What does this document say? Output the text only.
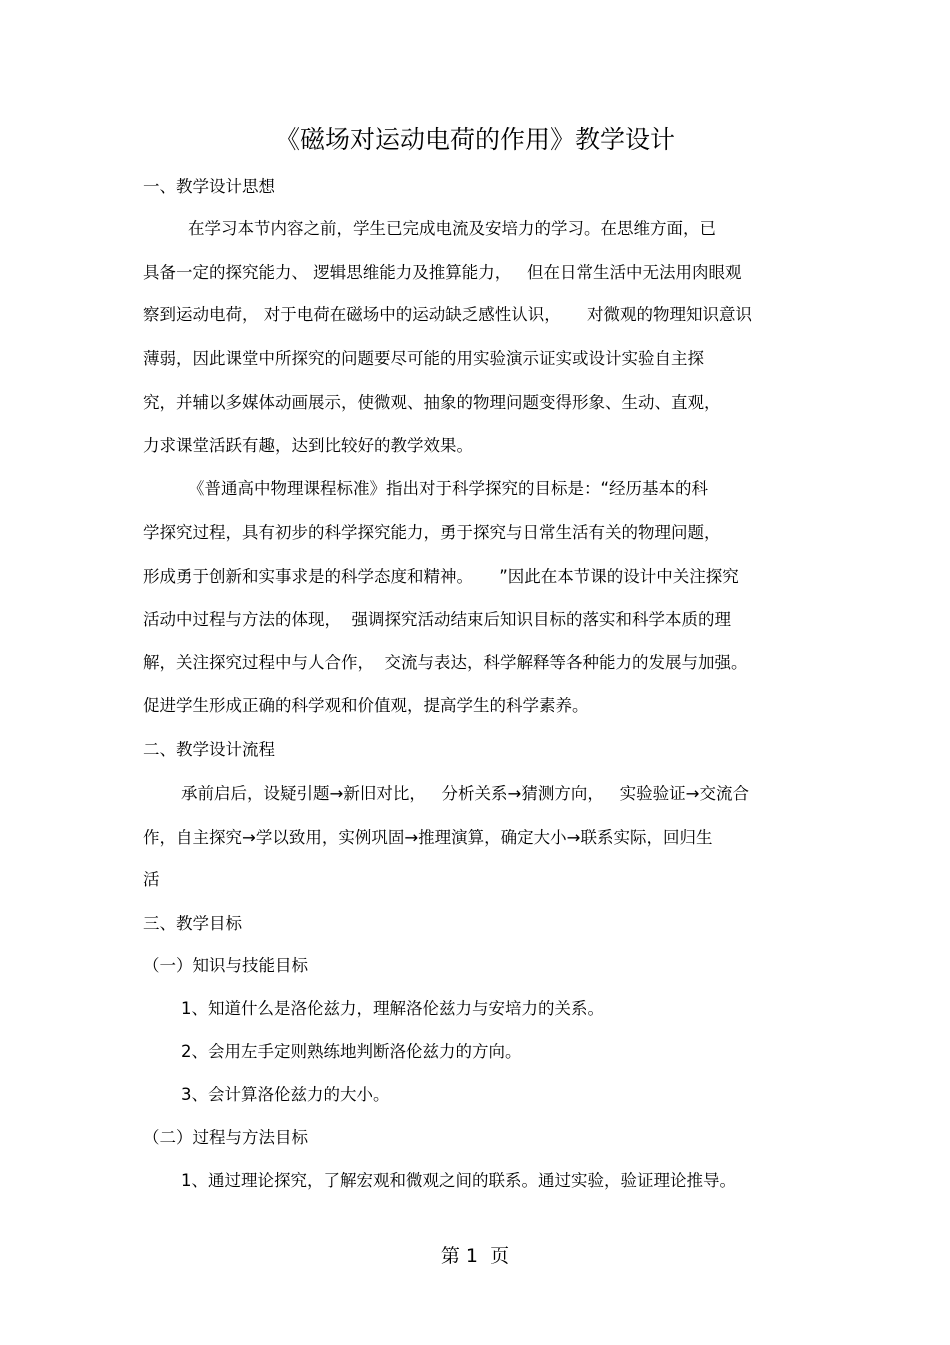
《磁场对运动电荷的作用》教学设计
一、教学设计思想
在学习本节内容之前，学生已完成电流及安培力的学习。在思维方面，已
具备一定的探究能力、 逻辑思维能力及推算能力，   但在日常生活中无法用肉眼观
察到运动电荷， 对于电荷在磁场中的运动缺乏感性认识，     对微观的物理知识意识
薄弱，因此课堂中所探究的问题要尽可能的用实验演示证实或设计实验自主探
究，并辅以多媒体动画展示，使微观、抽象的物理问题变得形象、生动、直观，
力求课堂活跃有趣，达到比较好的教学效果。
《普通高中物理课程标准》指出对于科学探究的目标是：“经历基本的科
学探究过程，具有初步的科学探究能力，勇于探究与日常生活有关的物理问题，
形成勇于创新和实事求是的科学态度和精神。     ”因此在本节课的设计中关注探究
活动中过程与方法的体现，  强调探究活动结束后知识目标的落实和科学本质的理
解，关注探究过程中与人合作，  交流与表达，科学解释等各种能力的发展与加强。
促进学生形成正确的科学观和价值观，提高学生的科学素养。
二、教学设计流程
承前启后，设疑引题→新旧对比，   分析关系→猜测方向，   实验验证→交流合
作，自主探究→学以致用，实例巩固→推理演算，确定大小→联系实际，回归生
活
三、教学目标
（一）知识与技能目标
1、知道什么是洛伦兹力，理解洛伦兹力与安培力的关系。
2、会用左手定则熟练地判断洛伦兹力的方向。
3、会计算洛伦兹力的大小。
（二）过程与方法目标
1、通过理论探究，了解宏观和微观之间的联系。通过实验，验证理论推导。
第 1  页
